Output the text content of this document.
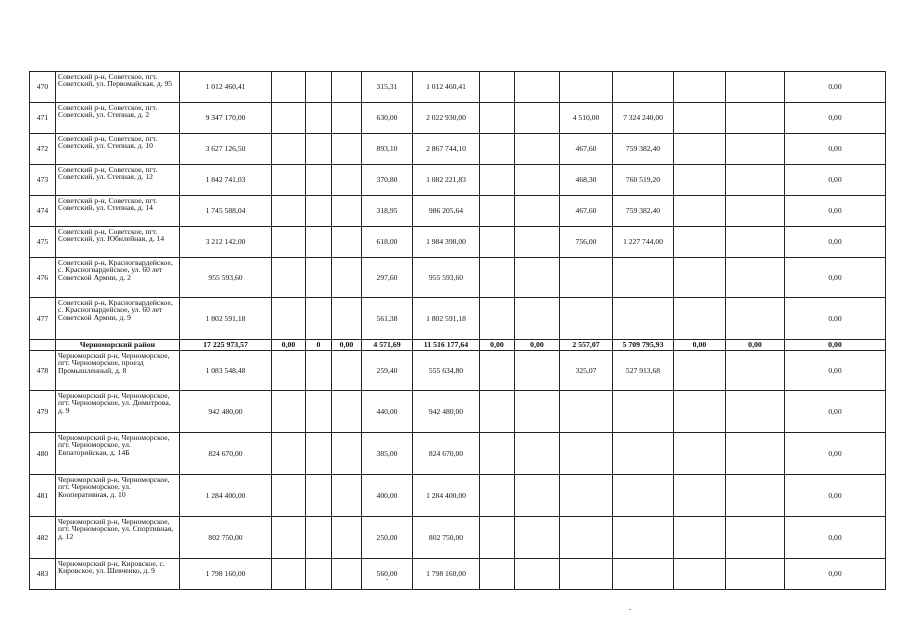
470	Советский р-н, Советское, пгт. Советский, ул. Первомайская, д. 95	1 012 460,41				315,31	1 012 460,41							0,00
471	Советский р-н, Советское, пгт. Советский, ул. Степная, д. 2	9 347 170,00				630,00	2 022 930,00			4 510,00	7 324 240,00			0,00
472	Советский р-н, Советское, пгт. Советский, ул. Степная, д. 10	3 627 126,50				893,10	2 867 744,10			467,60	759 382,40			0,00
473	Советский р-н, Советское, пгт. Советский, ул. Степная, д. 12	1 842 741,03				370,80	1 082 221,83			468,30	760 519,20			0,00
474	Советский р-н, Советское, пгт. Советский, ул. Степная, д. 14	1 745 588,04				318,95	986 205,64			467,60	759 382,40			0,00
475	Советский р-н, Советское, пгт. Советский, ул. Юбилейная, д. 14	3 212 142,00				618,00	1 984 398,00			756,00	1 227 744,00			0,00
476	Советский р-н, Красногвардейское, с. Красногвардейское, ул. 60 лет Советской Армии, д. 2	955 593,60				297,60	955 593,60							0,00
477	Советский р-н, Красногвардейское, с. Красногвардейское, ул. 60 лет Советской Армии, д. 9	1 802 591,18				561,38	1 802 591,18							0,00
	Черноморский район	17 225 973,57	0,00	0	0,00	4 571,69	11 516 177,64	0,00	0,00	2 557,07	5 709 795,93	0,00	0,00	0,00
478	Черноморский р-н, Черноморское, пгт. Черноморское, проезд Промышленный, д. 8	1 083 548,48				259,40	555 634,80			325,07	527 913,68			0,00
479	Черноморский р-н, Черноморское, пгт. Черноморское, ул. Димитрова, д. 9	942 480,00				440,00	942 480,00							0,00
480	Черноморский р-н, Черноморское, пгт. Черноморское, ул. Евпаторийская, д. 14Б	824 670,00				385,00	824 670,00							0,00
481	Черноморский р-н, Черноморское, пгт. Черноморское, ул. Кооперативная, д. 10	1 284 400,00				400,00	1 284 400,00							0,00
482	Черноморский р-н, Черноморское, пгт. Черноморское, ул. Спортивная, д. 12	802 750,00				250,00	802 750,00							0,00
483	Черноморский р-н, Кировское, с. Кировское, ул. Шевченко, д. 9	1 798 160,00				560,00	1 798 160,00							0,00
